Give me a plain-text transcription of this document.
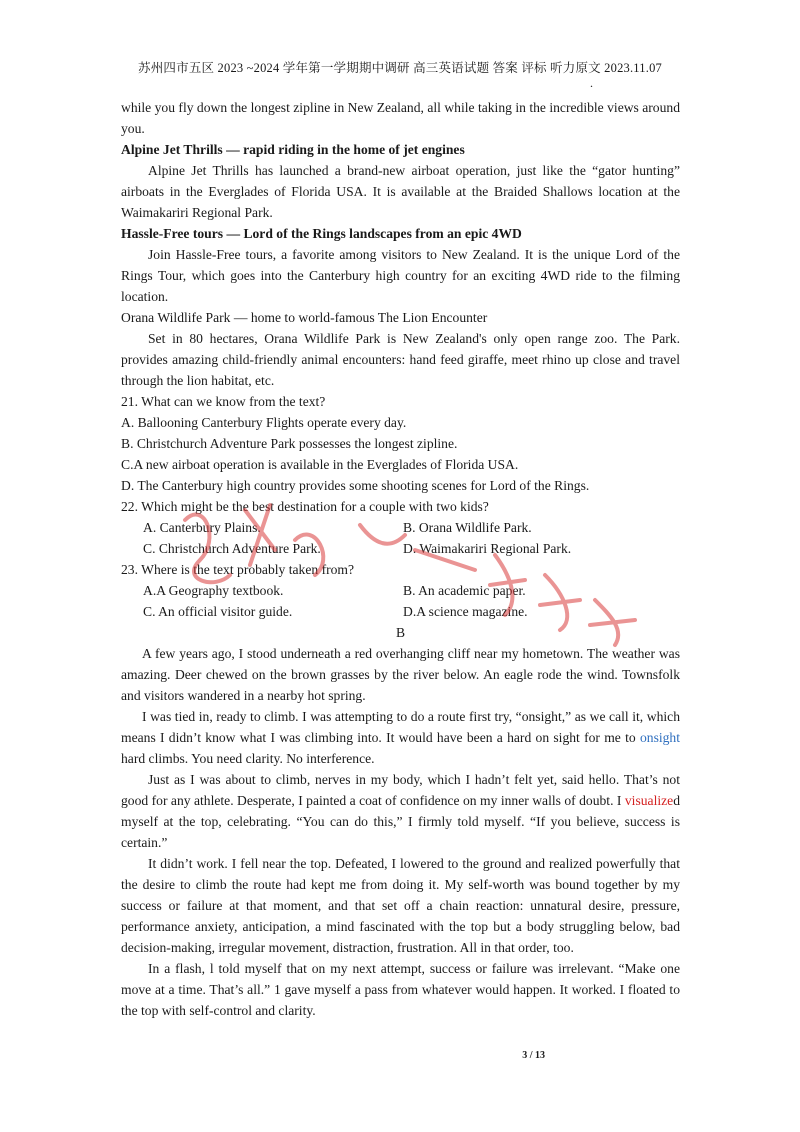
苏州四市五区 2023 ~2024 学年第一学期期中调研 高三英语试题 答案 评标 听力原文 2023.11.07
.

while you fly down the longest zipline in New Zealand, all while taking in the incredible views around you.

Alpine Jet Thrills — rapid riding in the home of jet engines

Alpine Jet Thrills has launched a brand-new airboat operation, just like the “gator hunting” airboats in the Everglades of Florida USA. It is available at the Braided Shallows location at the Waimakariri Regional Park.

Hassle-Free tours — Lord of the Rings landscapes from an epic 4WD

Join Hassle-Free tours, a favorite among visitors to New Zealand. It is the unique Lord of the Rings Tour, which goes into the Canterbury high country for an exciting 4WD ride to the filming location.

Orana Wildlife Park — home to world-famous The Lion Encounter

Set in 80 hectares, Orana Wildlife Park is New Zealand's only open range zoo. The Park. provides amazing child-friendly animal encounters: hand feed giraffe, meet rhino up close and travel through the lion habitat, etc.

21. What can we know from the text?

A. Ballooning Canterbury Flights operate every day.

B. Christchurch Adventure Park possesses the longest zipline.

C.A new airboat operation is available in the Everglades of Florida USA.

D. The Canterbury high country provides some shooting scenes for Lord of the Rings.

22. Which might be the best destination for a couple with two kids?

A. Canterbury Plains.	B. Orana Wildlife Park.
C. Christchurch Adventure Park.	D. Waimakariri Regional Park.

23. Where is the text probably taken from?

A.A Geography textbook.	B. An academic paper.
C. An official visitor guide.	D.A science magazine.

B

A few years ago, I stood underneath a red overhanging cliff near my hometown. The weather was amazing. Deer chewed on the brown grasses by the river below. An eagle rode the wind. Townsfolk and visitors wandered in a nearby hot spring.

I was tied in, ready to climb. I was attempting to do a route first try, “onsight,” as we call it, which means I didn’t know what I was climbing into. It would have been a hard on sight for me to onsight hard climbs. You need clarity. No interference.

Just as I was about to climb, nerves in my body, which I hadn’t felt yet, said hello. That’s not good for any athlete. Desperate, I painted a coat of confidence on my inner walls of doubt. I visualized myself at the top, celebrating. “You can do this,” I firmly told myself. “If you believe, success is certain.”

It didn’t work. I fell near the top. Defeated, I lowered to the ground and realized powerfully that the desire to climb the route had kept me from doing it. My self-worth was bound together by my success or failure at that moment, and that set off a chain reaction: unnatural desire, pressure, performance anxiety, anticipation, a mind fascinated with the top but a body struggling below, bad decision-making, irregular movement, distraction, frustration. All in that order, too.

In a flash, l told myself that on my next attempt, success or failure was irrelevant. “Make one move at a time. That’s all.” 1 gave myself a pass from whatever would happen. It worked. I floated to the top with self-control and clarity.

3 / 13
